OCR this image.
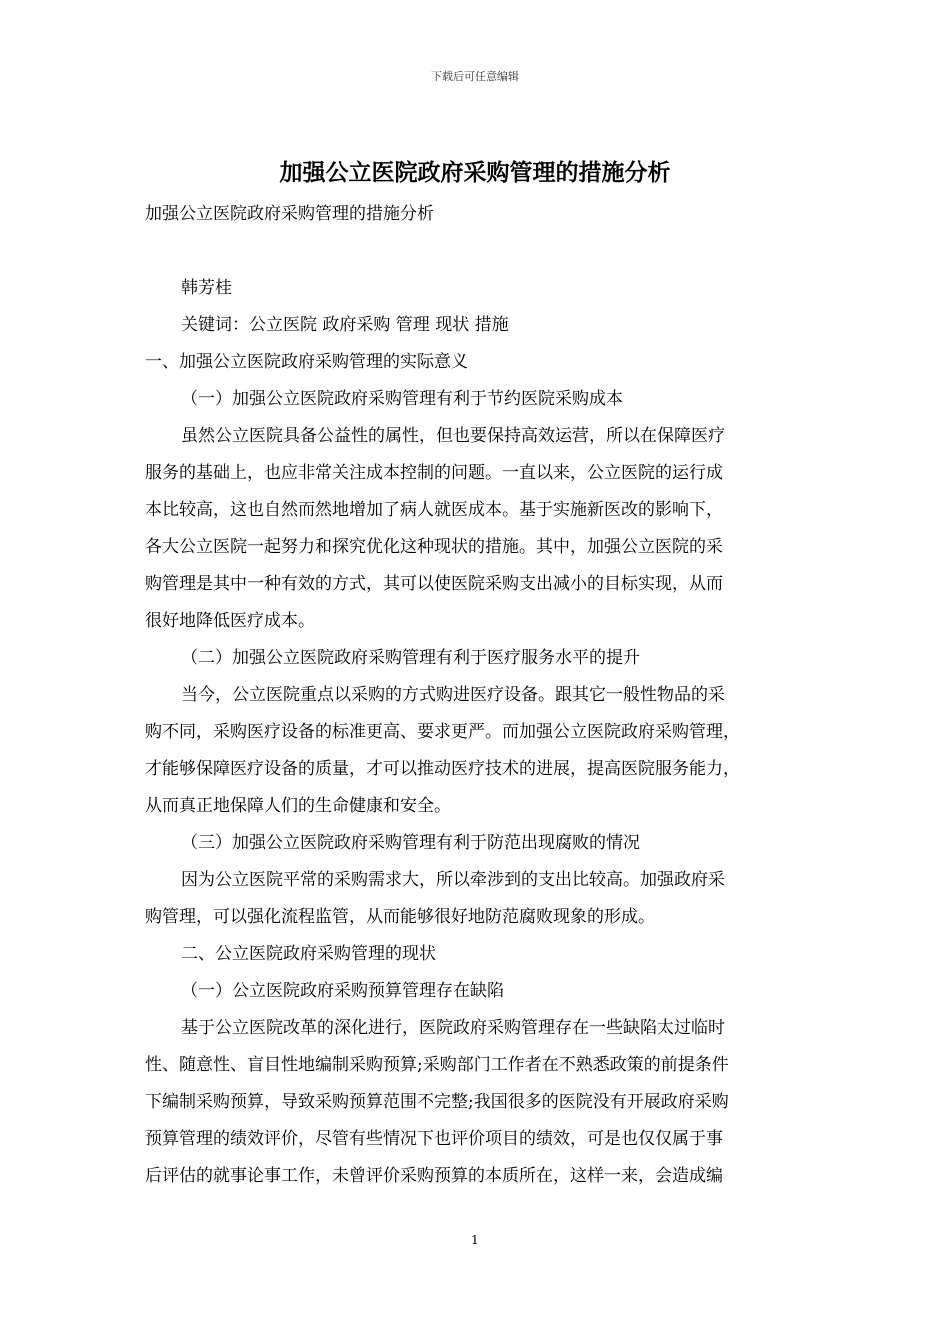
下载后可任意编辑
加强公立医院政府采购管理的措施分析
加强公立医院政府采购管理的措施分析
韩芳桂
关键词：公立医院 政府采购 管理 现状 措施
一、加强公立医院政府采购管理的实际意义
（一）加强公立医院政府采购管理有利于节约医院采购成本
虽然公立医院具备公益性的属性，但也要保持高效运营，所以在保障医疗
服务的基础上，也应非常关注成本控制的问题。一直以来，公立医院的运行成
本比较高，这也自然而然地增加了病人就医成本。基于实施新医改的影响下，
各大公立医院一起努力和探究优化这种现状的措施。其中，加强公立医院的采
购管理是其中一种有效的方式，其可以使医院采购支出减小的目标实现，从而
很好地降低医疗成本。
（二）加强公立医院政府采购管理有利于医疗服务水平的提升
当今，公立医院重点以采购的方式购进医疗设备。跟其它一般性物品的采
购不同，采购医疗设备的标准更高、要求更严。而加强公立医院政府采购管理，
才能够保障医疗设备的质量，才可以推动医疗技术的进展，提高医院服务能力，
从而真正地保障人们的生命健康和安全。
（三）加强公立医院政府采购管理有利于防范出现腐败的情况
因为公立医院平常的采购需求大，所以牵涉到的支出比较高。加强政府采
购管理，可以强化流程监管，从而能够很好地防范腐败现象的形成。
二、公立医院政府采购管理的现状
（一）公立医院政府采购预算管理存在缺陷
基于公立医院改革的深化进行，医院政府采购管理存在一些缺陷太过临时
性、随意性、盲目性地编制采购预算;采购部门工作者在不熟悉政策的前提条件
下编制采购预算，导致采购预算范围不完整;我国很多的医院没有开展政府采购
预算管理的绩效评价，尽管有些情况下也评价项目的绩效，可是也仅仅属于事
后评估的就事论事工作，未曾评价采购预算的本质所在，这样一来，会造成编
1
